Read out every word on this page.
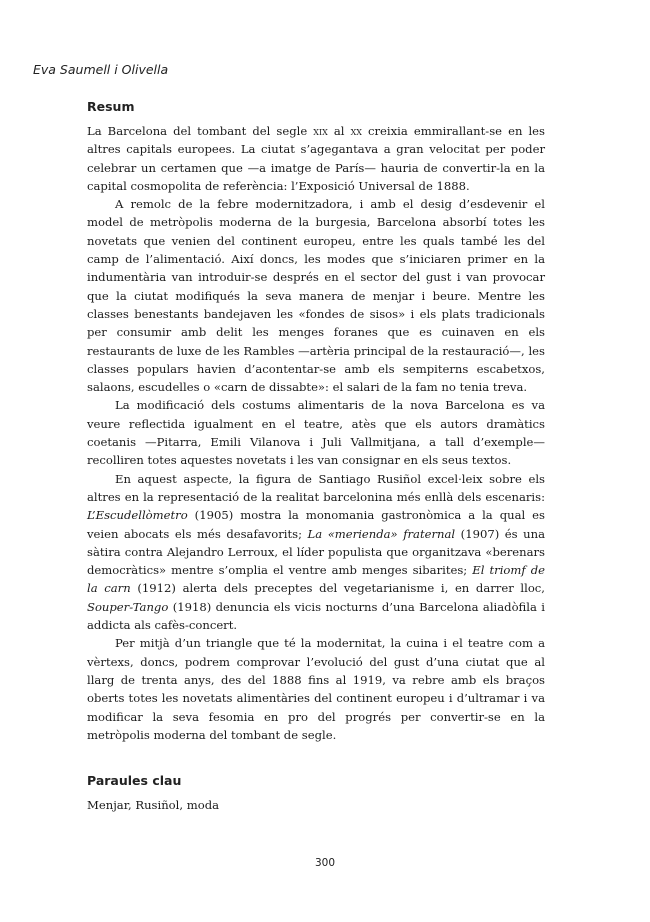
Eva Saumell i Olivella
Resum

La Barcelona del tombant del segle xix al xx creixia emmirallant-se en les altres capitals europees. La ciutat s’agegantava a gran velocitat per poder celebrar un certamen que —a imatge de París— hauria de convertir-la en la capital cosmopolita de referència: l’Exposició Universal de 1888.

A remolc de la febre modernitzadora, i amb el desig d’esdevenir el model de metròpolis moderna de la burgesia, Barcelona absorbí totes les novetats que venien del continent europeu, entre les quals també les del camp de l’alimentació. Així doncs, les modes que s’iniciaren primer en la indumentària van introduir-se després en el sector del gust i van provocar que la ciutat modifiqués la seva manera de menjar i beure. Mentre les classes benestants bandejaven les «fondes de sisos» i els plats tradicionals per consumir amb delit les menges foranes que es cuinaven en els restaurants de luxe de les Rambles —artèria principal de la restauració—, les classes populars havien d’acontentar-se amb els sempiterns escabetxos, salaons, escudelles o «carn de dissabte»: el salari de la fam no tenia treva.

La modificació dels costums alimentaris de la nova Barcelona es va veure reflectida igualment en el teatre, atès que els autors dramàtics coetanis —Pitarra, Emili Vilanova i Juli Vallmitjana, a tall d’exemple— recolliren totes aquestes novetats i les van consignar en els seus textos.

En aquest aspecte, la figura de Santiago Rusiñol excel·leix sobre els altres en la representació de la realitat barcelonina més enllà dels escenaris: L’Escudellòmetro (1905) mostra la monomania gastronòmica a la qual es veien abocats els més desafavorits; La «merienda» fraternal (1907) és una sàtira contra Alejandro Lerroux, el líder populista que organitzava «berenars democràtics» mentre s’omplia el ventre amb menges sibarites; El triomf de la carn (1912) alerta dels preceptes del vegetarianisme i, en darrer lloc, Souper-Tango (1918) denuncia els vicis nocturns d’una Barcelona aliadòfila i addicta als cafès-concert.

Per mitjà d’un triangle que té la modernitat, la cuina i el teatre com a vèrtexs, doncs, podrem comprovar l’evolució del gust d’una ciutat que al llarg de trenta anys, des del 1888 fins al 1919, va rebre amb els braços oberts totes les novetats alimentàries del continent europeu i d’ultramar i va modificar la seva fesomia en pro del progrés per convertir-se en la metròpolis moderna del tombant de segle.

Paraules clau

Menjar, Rusiñol, moda

300
